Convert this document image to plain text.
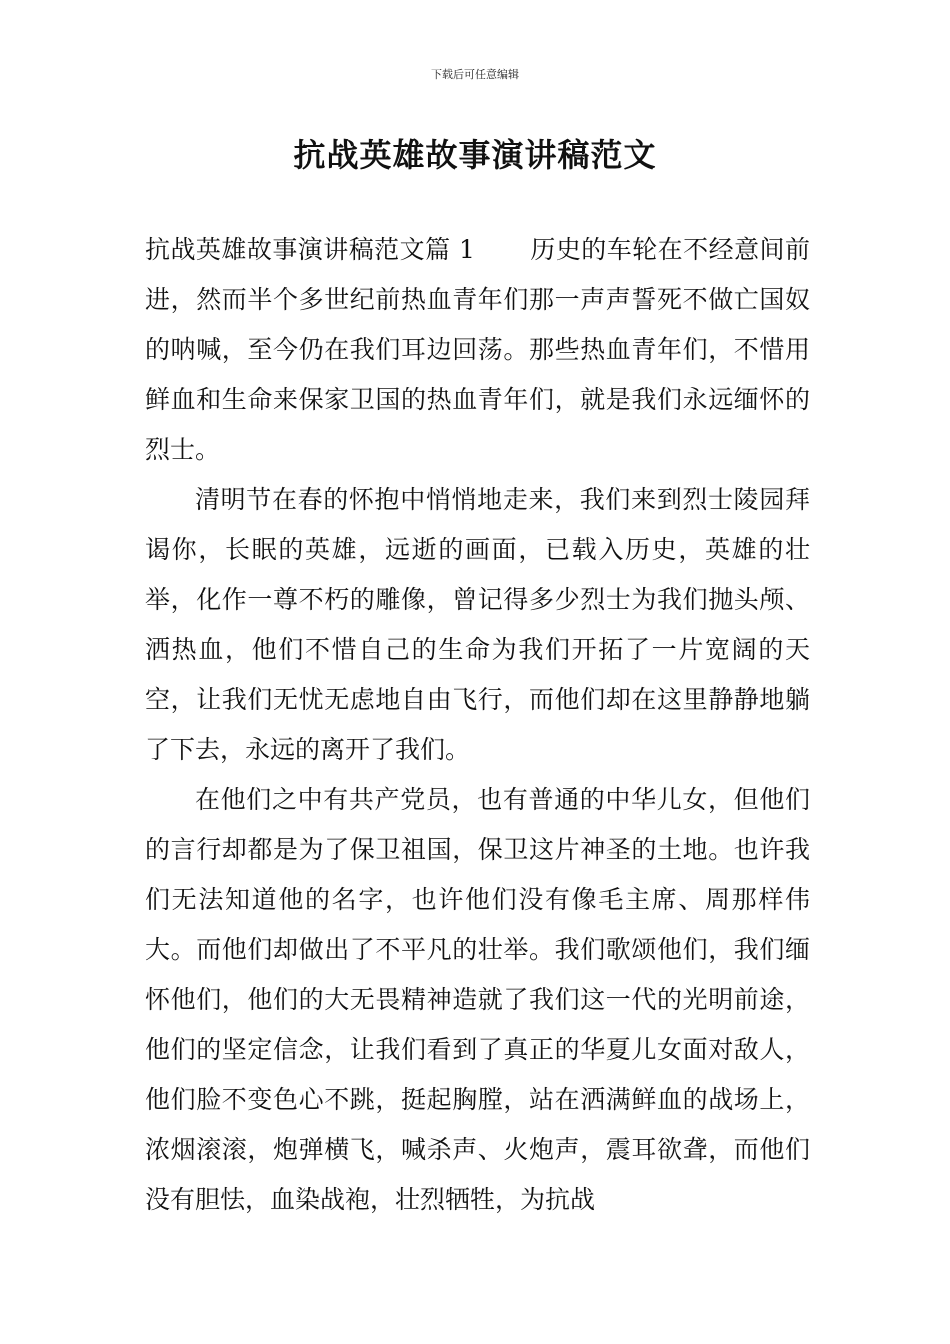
下载后可任意编辑
抗战英雄故事演讲稿范文

抗战英雄故事演讲稿范文篇 1 历史的车轮在不经意间前进，然而半个多世纪前热血青年们那一声声誓死不做亡国奴的呐喊，至今仍在我们耳边回荡。那些热血青年们，不惜用鲜血和生命来保家卫国的热血青年们，就是我们永远缅怀的烈士。

清明节在春的怀抱中悄悄地走来，我们来到烈士陵园拜谒你，长眠的英雄，远逝的画面，已载入历史，英雄的壮举，化作一尊不朽的雕像，曾记得多少烈士为我们抛头颅、洒热血，他们不惜自己的生命为我们开拓了一片宽阔的天空，让我们无忧无虑地自由飞行，而他们却在这里静静地躺了下去，永远的离开了我们。

在他们之中有共产党员，也有普通的中华儿女，但他们的言行却都是为了保卫祖国，保卫这片神圣的土地。也许我们无法知道他的名字，也许他们没有像毛主席、周那样伟大。而他们却做出了不平凡的壮举。我们歌颂他们，我们缅怀他们，他们的大无畏精神造就了我们这一代的光明前途，他们的坚定信念，让我们看到了真正的华夏儿女面对敌人，他们脸不变色心不跳，挺起胸膛，站在洒满鲜血的战场上，浓烟滚滚，炮弹横飞，喊杀声、火炮声，震耳欲聋，而他们没有胆怯，血染战袍，壮烈牺牲，为抗战
